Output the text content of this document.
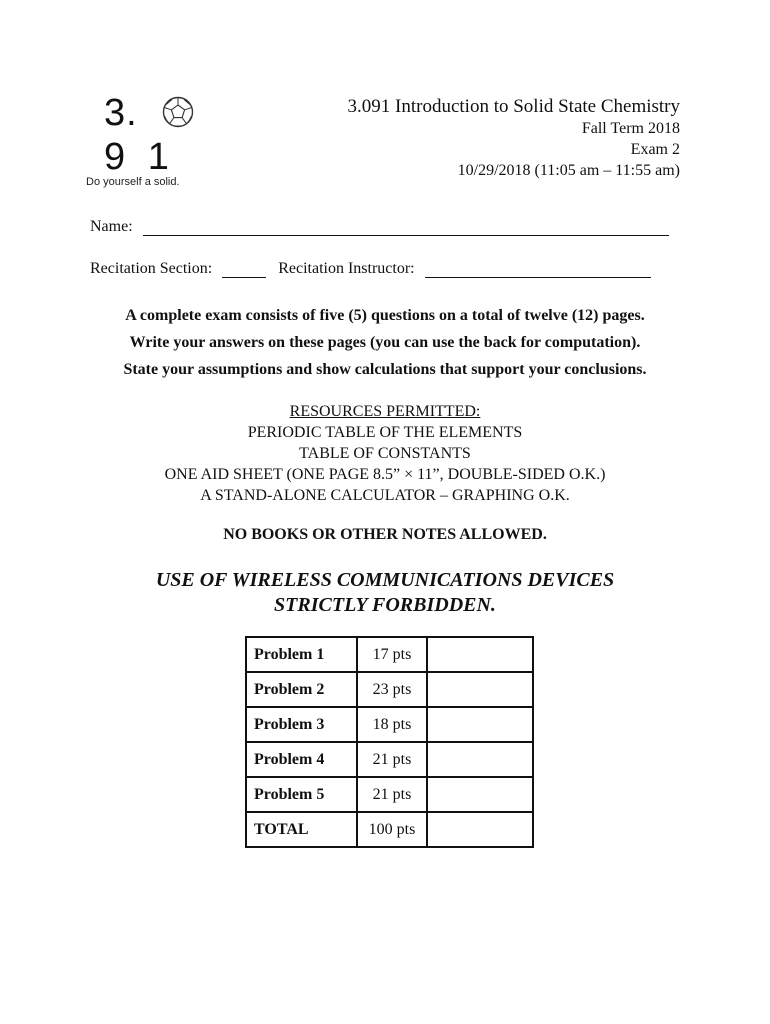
3.
9 1
Do yourself a solid.
3.091 Introduction to Solid State Chemistry
Fall Term 2018
Exam 2
10/29/2018 (11:05 am – 11:55 am)
Name:
Recitation Section:	Recitation Instructor:
A complete exam consists of five (5) questions on a total of twelve (12) pages.
Write your answers on these pages (you can use the back for computation).
State your assumptions and show calculations that support your conclusions.
RESOURCES PERMITTED:
PERIODIC TABLE OF THE ELEMENTS
TABLE OF CONSTANTS
ONE AID SHEET (ONE PAGE 8.5” × 11”, DOUBLE-SIDED O.K.)
A STAND-ALONE CALCULATOR – GRAPHING O.K.
NO BOOKS OR OTHER NOTES ALLOWED.
USE OF WIRELESS COMMUNICATIONS DEVICES
STRICTLY FORBIDDEN.
Problem 1	17 pts	
Problem 2	23 pts	
Problem 3	18 pts	
Problem 4	21 pts	
Problem 5	21 pts	
TOTAL	100 pts	
